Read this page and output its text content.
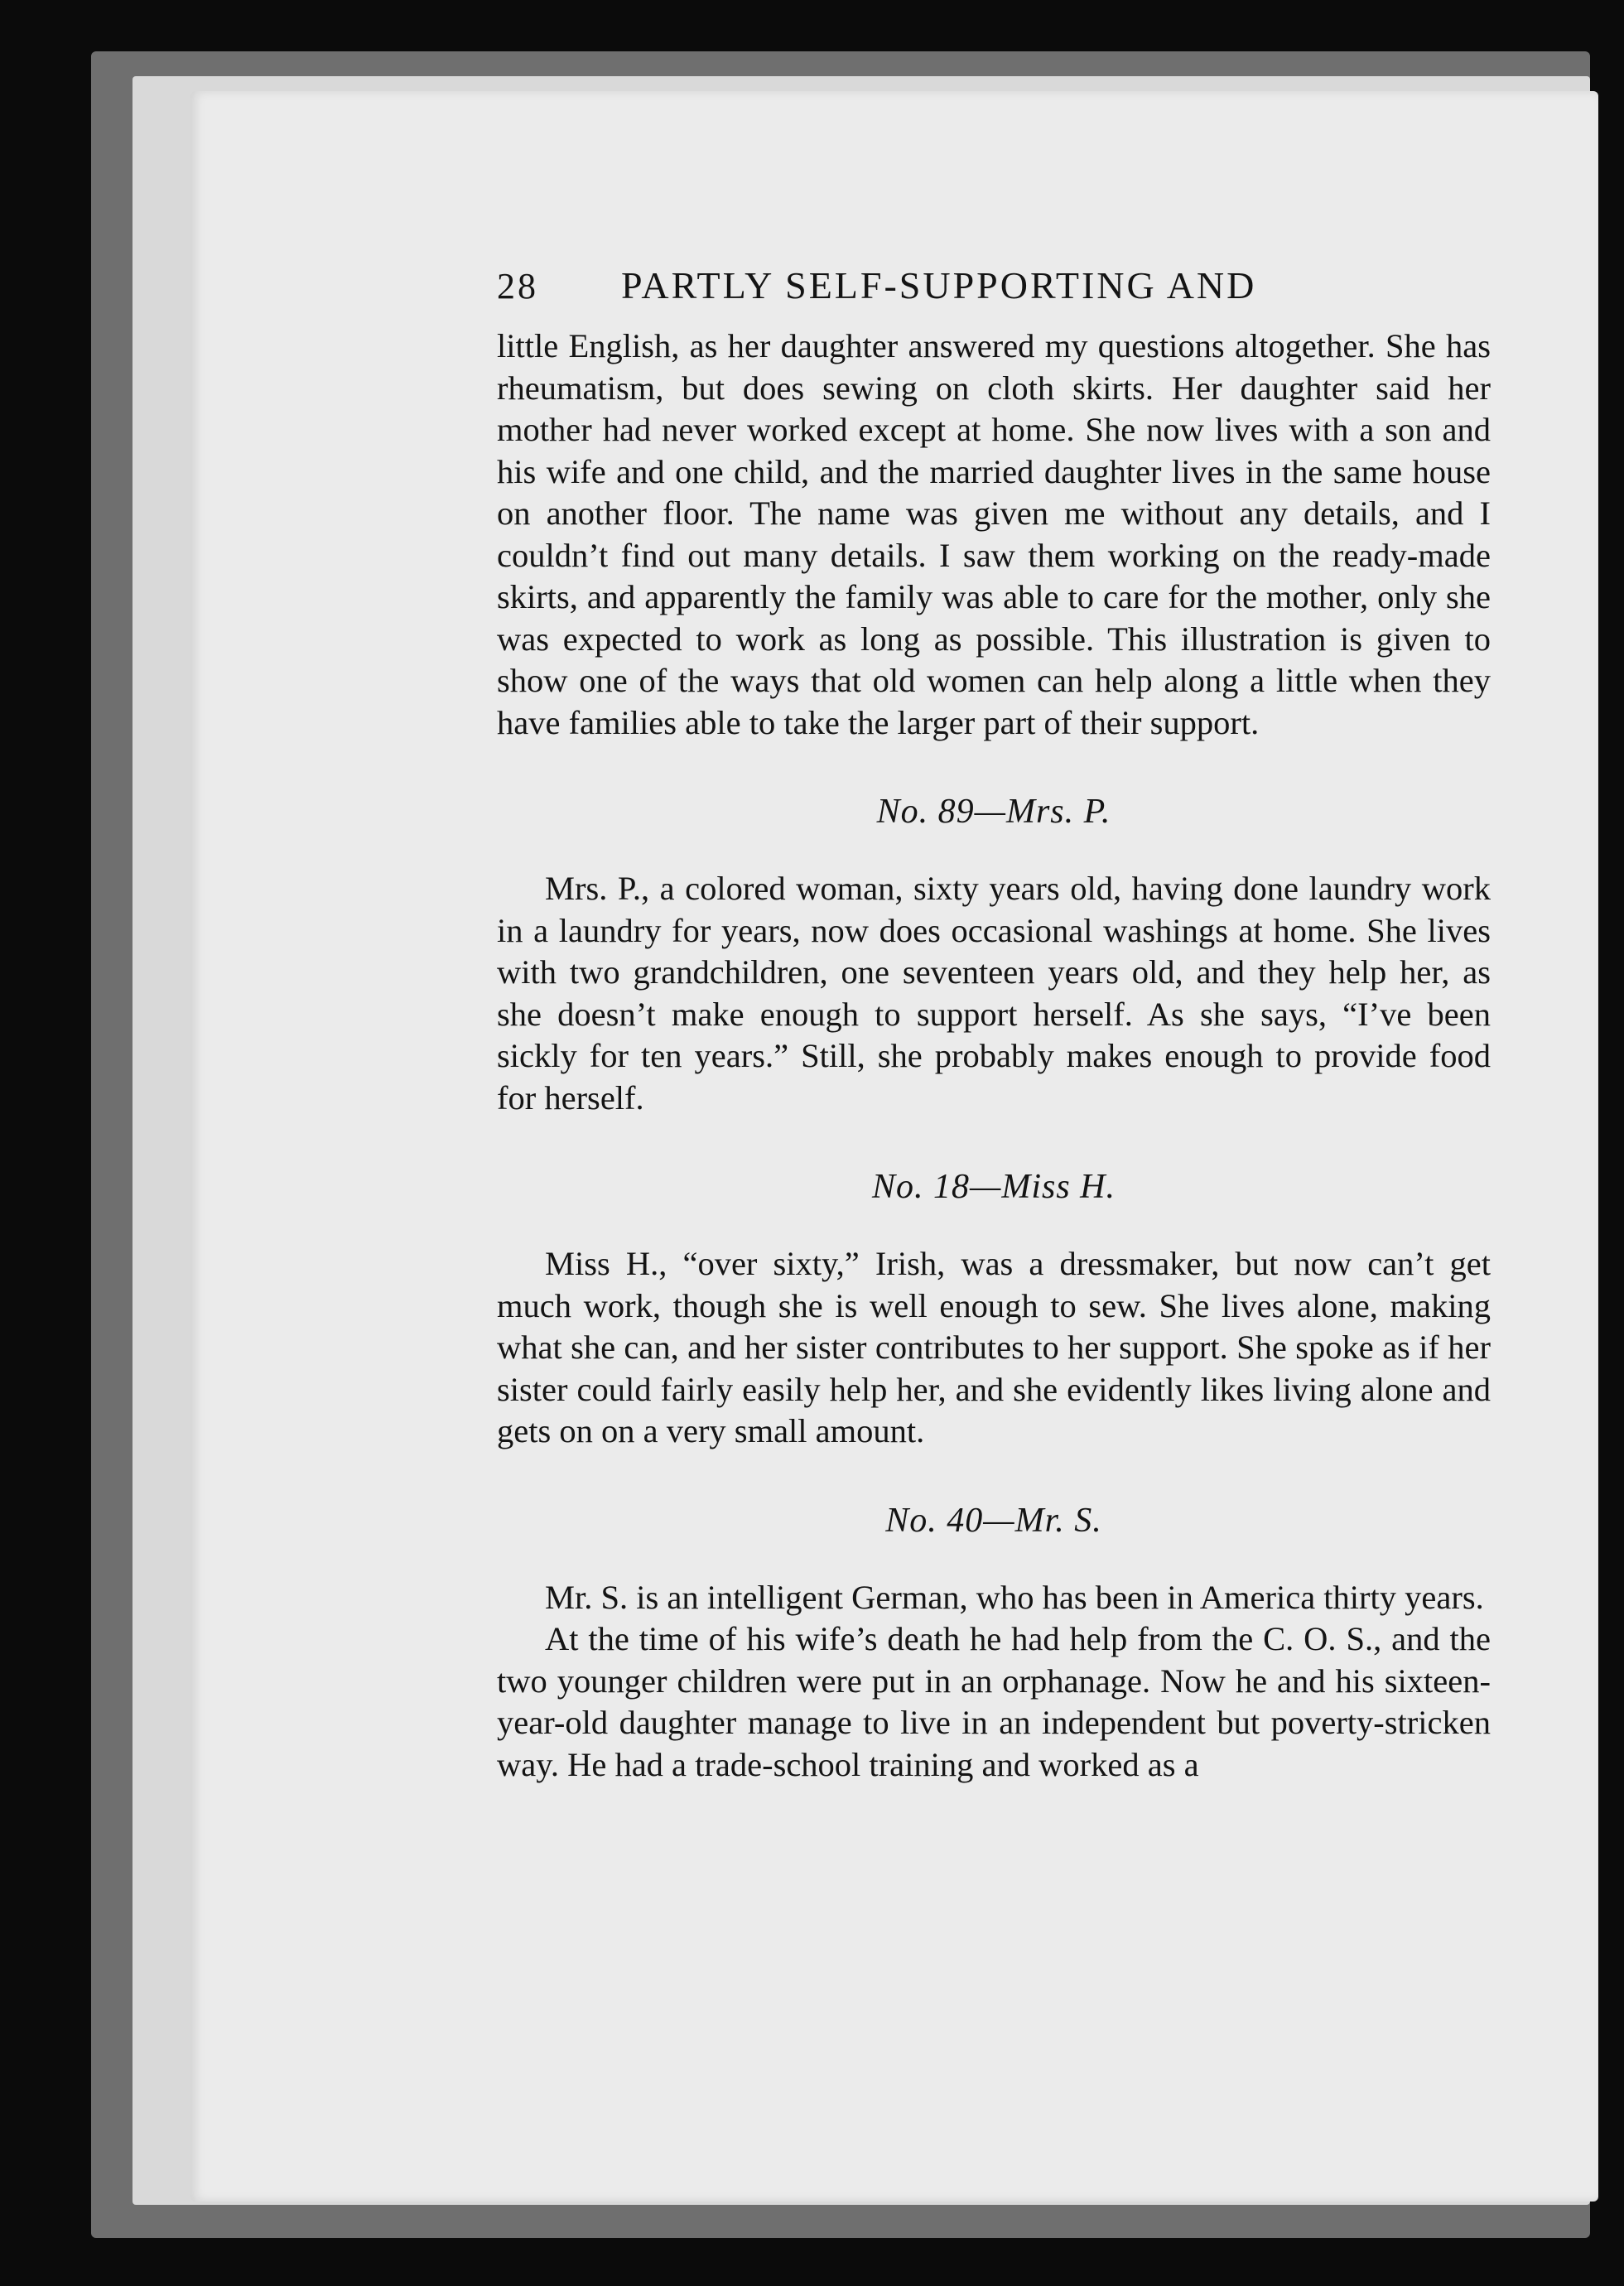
28	PARTLY SELF-SUPPORTING AND

little English, as her daughter answered my questions altogether. She has rheumatism, but does sewing on cloth skirts. Her daughter said her mother had never worked except at home. She now lives with a son and his wife and one child, and the married daughter lives in the same house on another floor. The name was given me without any details, and I couldn’t find out many details. I saw them working on the ready-made skirts, and apparently the family was able to care for the mother, only she was expected to work as long as possible. This illustration is given to show one of the ways that old women can help along a little when they have families able to take the larger part of their support.

No. 89—Mrs. P.

Mrs. P., a colored woman, sixty years old, having done laundry work in a laundry for years, now does occasional washings at home. She lives with two grandchildren, one seventeen years old, and they help her, as she doesn’t make enough to support herself. As she says, “I’ve been sickly for ten years.” Still, she probably makes enough to provide food for herself.

No. 18—Miss H.

Miss H., “over sixty,” Irish, was a dressmaker, but now can’t get much work, though she is well enough to sew. She lives alone, making what she can, and her sister contributes to her support. She spoke as if her sister could fairly easily help her, and she evidently likes living alone and gets on on a very small amount.

No. 40—Mr. S.

Mr. S. is an intelligent German, who has been in America thirty years.

At the time of his wife’s death he had help from the C. O. S., and the two younger children were put in an orphanage. Now he and his sixteen-year-old daughter manage to live in an independent but poverty-stricken way. He had a trade-school training and worked as a
